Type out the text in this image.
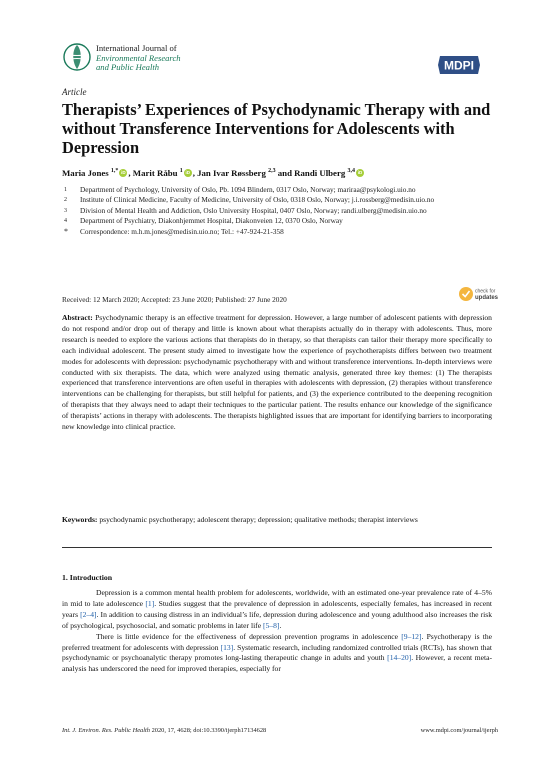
International Journal of
Environmental Research
and Public Health	MDPI
Article
Therapists’ Experiences of Psychodynamic Therapy with and without Transference Interventions for Adolescents with Depression
Maria Jones $^{1,*}$ iD , Marit Råbu $^1$ iD , Jan Ivar Røssberg $^{2,3}$ and Randi Ulberg $^{3,4}$iD
1	Department of Psychology, University of Oslo, Pb. 1094 Blindern, 0317 Oslo, Norway; mariraa@psykologi.uio.no
2	Institute of Clinical Medicine, Faculty of Medicine, University of Oslo, 0318 Oslo, Norway; j.i.rossberg@medisin.uio.no
3	Division of Mental Health and Addiction, Oslo University Hospital, 0407 Oslo, Norway; randi.ulberg@medisin.uio.no
4	Department of Psychiatry, Diakonhjemmet Hospital, Diakonveien 12, 0370 Oslo, Norway
*	Correspondence: m.h.m.jones@medisin.uio.no; Tel.: +47-924-21-358
check for
updates
Received: 12 March 2020; Accepted: 23 June 2020; Published: 27 June 2020
Abstract: Psychodynamic therapy is an effective treatment for depression. However, a large number of adolescent patients with depression do not respond and/or drop out of therapy and little is known about what therapists actually do in therapy with adolescents. Thus, more research is needed to explore the various actions that therapists do in therapy, so that therapists can tailor their therapy more specifically to each individual adolescent. The present study aimed to investigate how the experience of psychotherapists differs between two treatment modes for adolescents with depression: psychodynamic psychotherapy with and without transference interventions. In-depth interviews were conducted with six therapists. The data, which were analyzed using thematic analysis, generated three key themes: (1) The therapists experienced that transference interventions are often useful in therapies with adolescents with depression, (2) therapies without transference interventions can be challenging for therapists, but still helpful for patients, and (3) the experience contributed to the deepening recognition of therapists that they always need to adapt their techniques to the particular patient. The results enhance our knowledge of the significance of therapists’ actions in therapy with adolescents. The therapists highlighted issues that are important for identifying barriers to incorporating new knowledge into clinical practice.
Keywords: psychodynamic psychotherapy; adolescent therapy; depression; qualitative methods; therapist interviews
1. Introduction

Depression is a common mental health problem for adolescents, worldwide, with an estimated one-year prevalence rate of 4–5% in mid to late adolescence [1]. Studies suggest that the prevalence of depression in adolescents, especially females, has increased in recent years [2–4]. In addition to causing distress in an individual’s life, depression during adolescence and young adulthood also increases the risk of psychological, psychosocial, and somatic problems in later life [5–8].

There is little evidence for the effectiveness of depression prevention programs in adolescence [9–12]. Psychotherapy is the preferred treatment for adolescents with depression [13]. Systematic research, including randomized controlled trials (RCTs), has shown that psychodynamic or psychoanalytic therapy promotes long-lasting therapeutic change in adults and youth [14–20]. However, a recent meta-analysis has underscored the need for improved therapies, especially for

Int. J. Environ. Res. Public Health 2020, 17, 4628; doi:10.3390/ijerph17134628	www.mdpi.com/journal/ijerph
